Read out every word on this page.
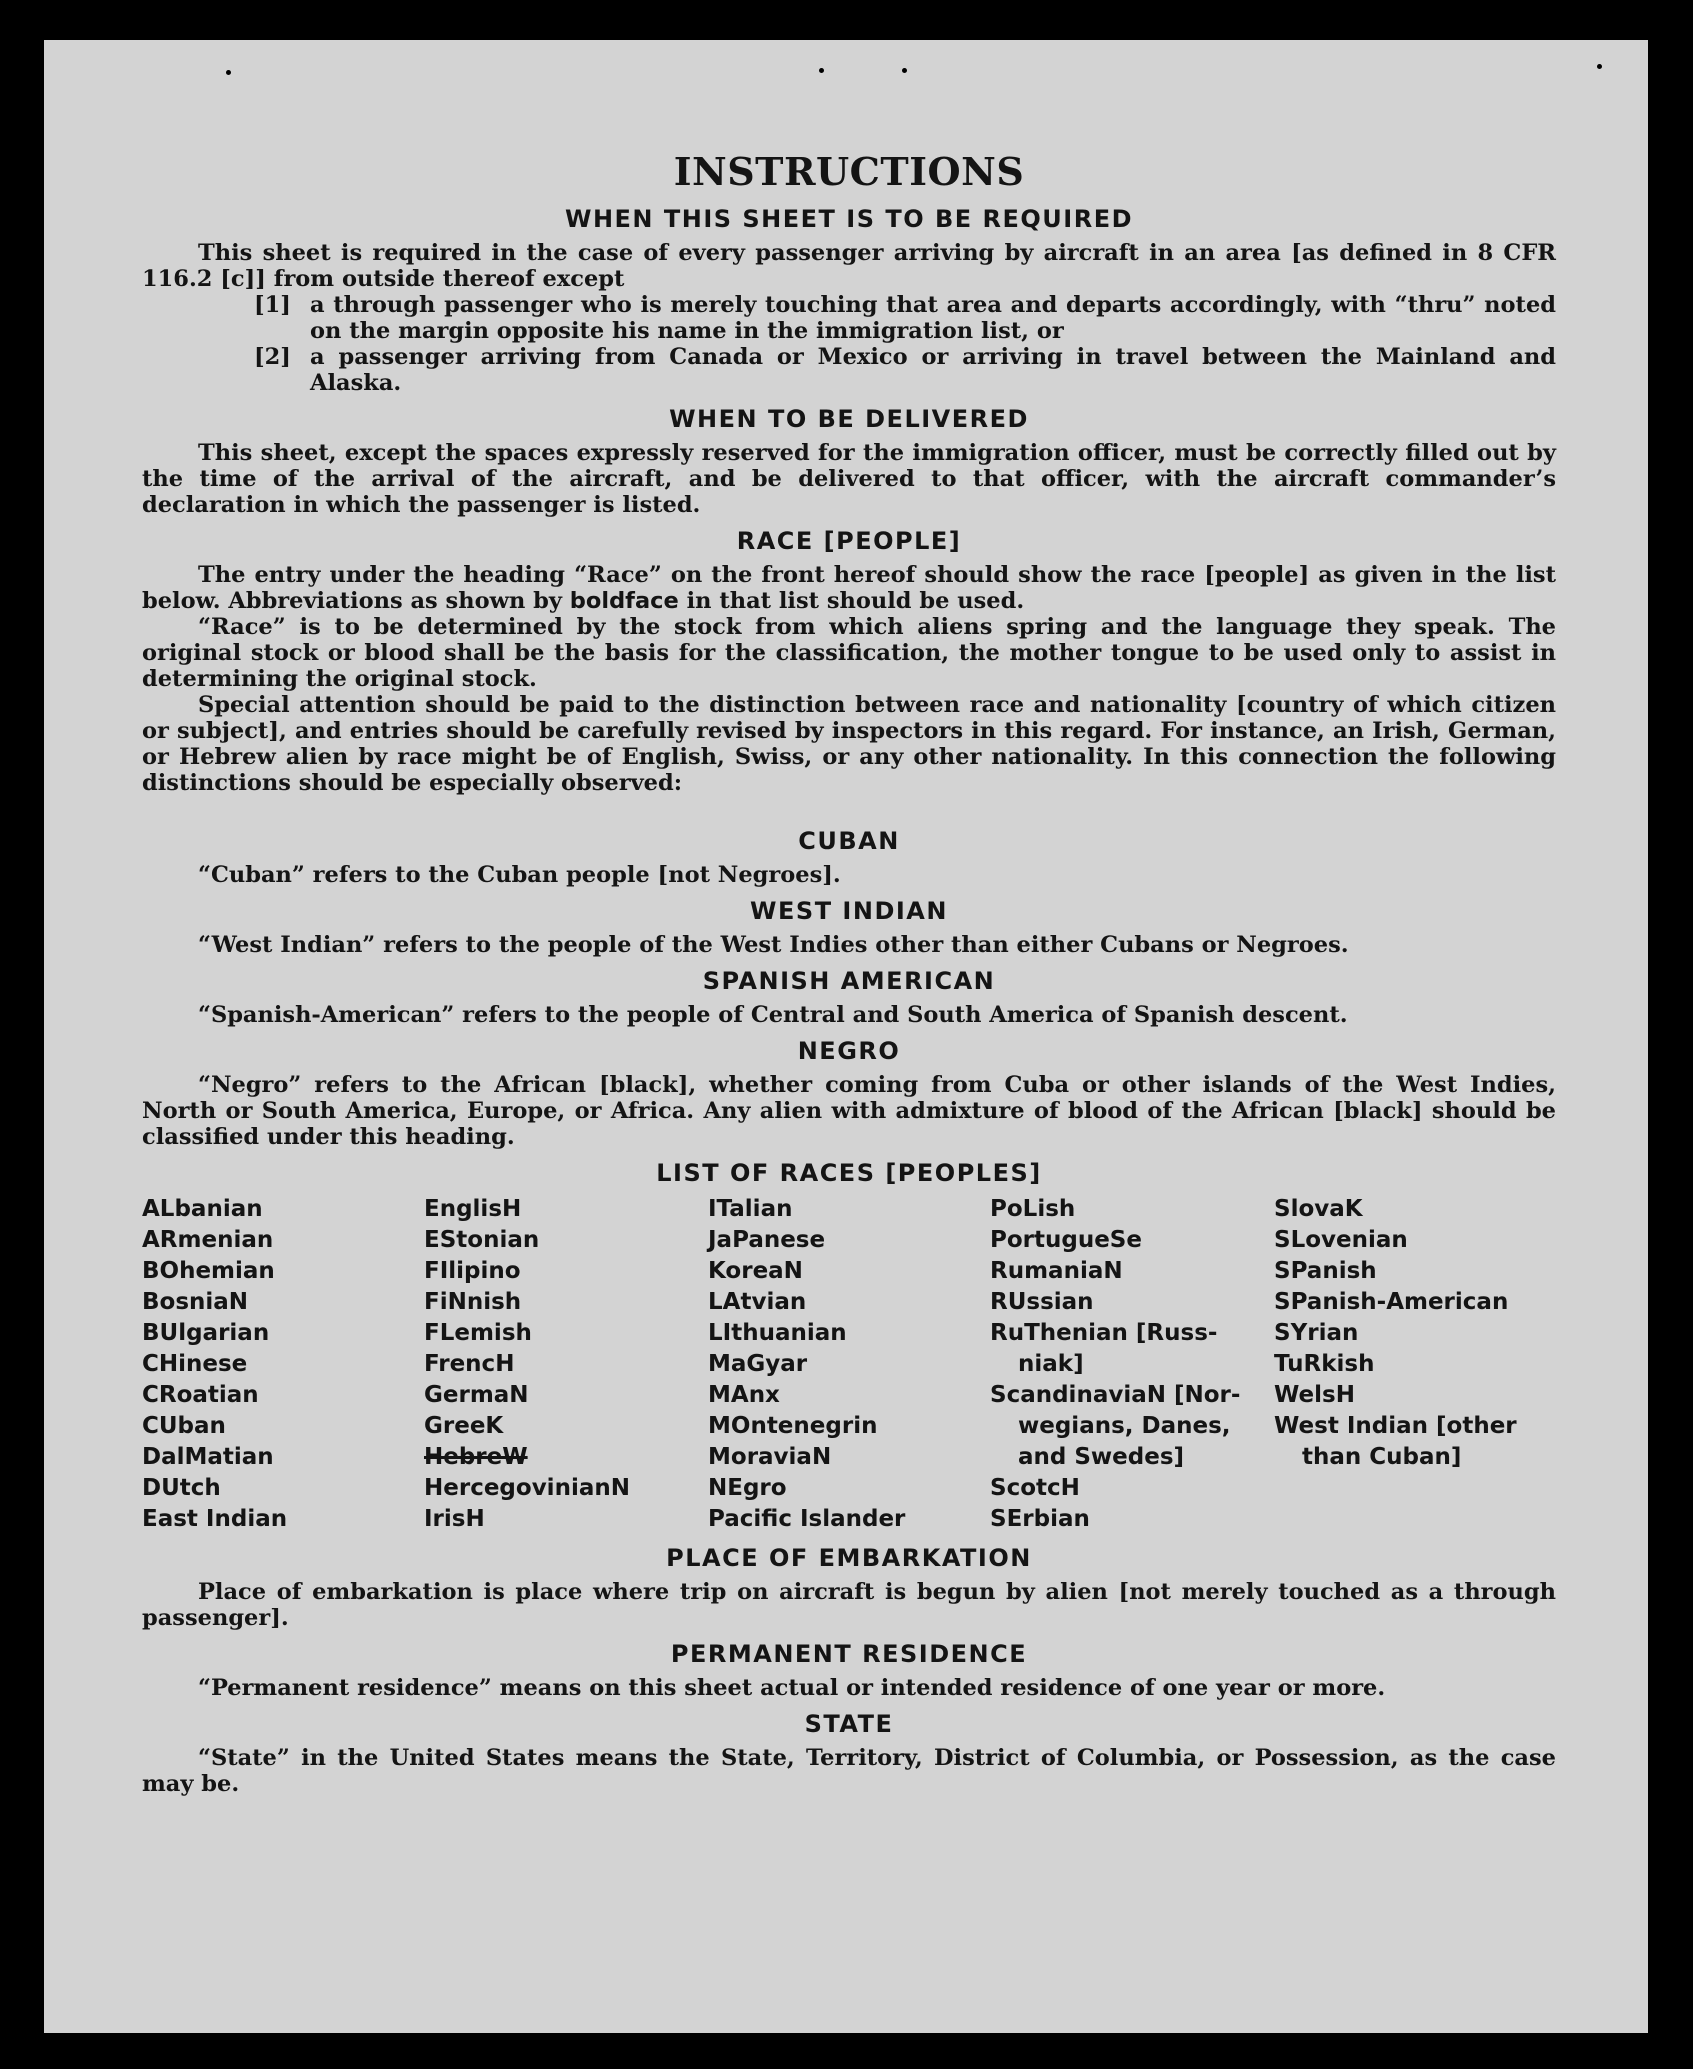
INSTRUCTIONS
WHEN THIS SHEET IS TO BE REQUIRED

This sheet is required in the case of every passenger arriving by aircraft in an area [as defined in 8 CFR 116.2 [c]] from outside thereof except

[1] a through passenger who is merely touching that area and departs accordingly, with “thru” noted on the margin opposite his name in the immigration list, or
[2] a passenger arriving from Canada or Mexico or arriving in travel between the Mainland and Alaska.
WHEN TO BE DELIVERED

This sheet, except the spaces expressly reserved for the immigration officer, must be correctly filled out by the time of the arrival of the aircraft, and be delivered to that officer, with the aircraft commander’s declaration in which the passenger is listed.

RACE [PEOPLE]

The entry under the heading “Race” on the front hereof should show the race [people] as given in the list below. Abbreviations as shown by boldface in that list should be used.

“Race” is to be determined by the stock from which aliens spring and the language they speak. The original stock or blood shall be the basis for the classification, the mother tongue to be used only to assist in determining the original stock.

Special attention should be paid to the distinction between race and nationality [country of which citizen or subject], and entries should be carefully revised by inspectors in this regard. For instance, an Irish, German, or Hebrew alien by race might be of English, Swiss, or any other nationality. In this connection the following distinctions should be especially observed:

CUBAN

“Cuban” refers to the Cuban people [not Negroes].

WEST INDIAN

“West Indian” refers to the people of the West Indies other than either Cubans or Negroes.

SPANISH AMERICAN

“Spanish-American” refers to the people of Central and South America of Spanish descent.

NEGRO

“Negro” refers to the African [black], whether coming from Cuba or other islands of the West Indies, North or South America, Europe, or Africa. Any alien with admixture of blood of the African [black] should be classified under this heading.

LIST OF RACES [PEOPLES]
ALbanian
ARmenian
BOhemian
BosniaN
BUlgarian
CHinese
CRoatian
CUban
DalMatian
DUtch
East Indian
EnglisH
EStonian
FIlipino
FiNnish
FLemish
FrencH
GermaN
GreeK
HebreW
HercegovinianN
IrisH
ITalian
JaPanese
KoreaN
LAtvian
LIthuanian
MaGyar
MAnx
MOntenegrin
MoraviaN
NEgro
Pacific Islander
PoLish
PortugueSe
RumaniaN
RUssian
RuThenian [Russ-
niak]
ScandinaviaN [Nor-
wegians, Danes,
and Swedes]
ScotcH
SErbian
SlovaK
SLovenian
SPanish
SPanish-American
SYrian
TuRkish
WelsH
West Indian [other
than Cuban]
PLACE OF EMBARKATION

Place of embarkation is place where trip on aircraft is begun by alien [not merely touched as a through passenger].

PERMANENT RESIDENCE

“Permanent residence” means on this sheet actual or intended residence of one year or more.

STATE

“State” in the United States means the State, Territory, District of Columbia, or Possession, as the case may be.
